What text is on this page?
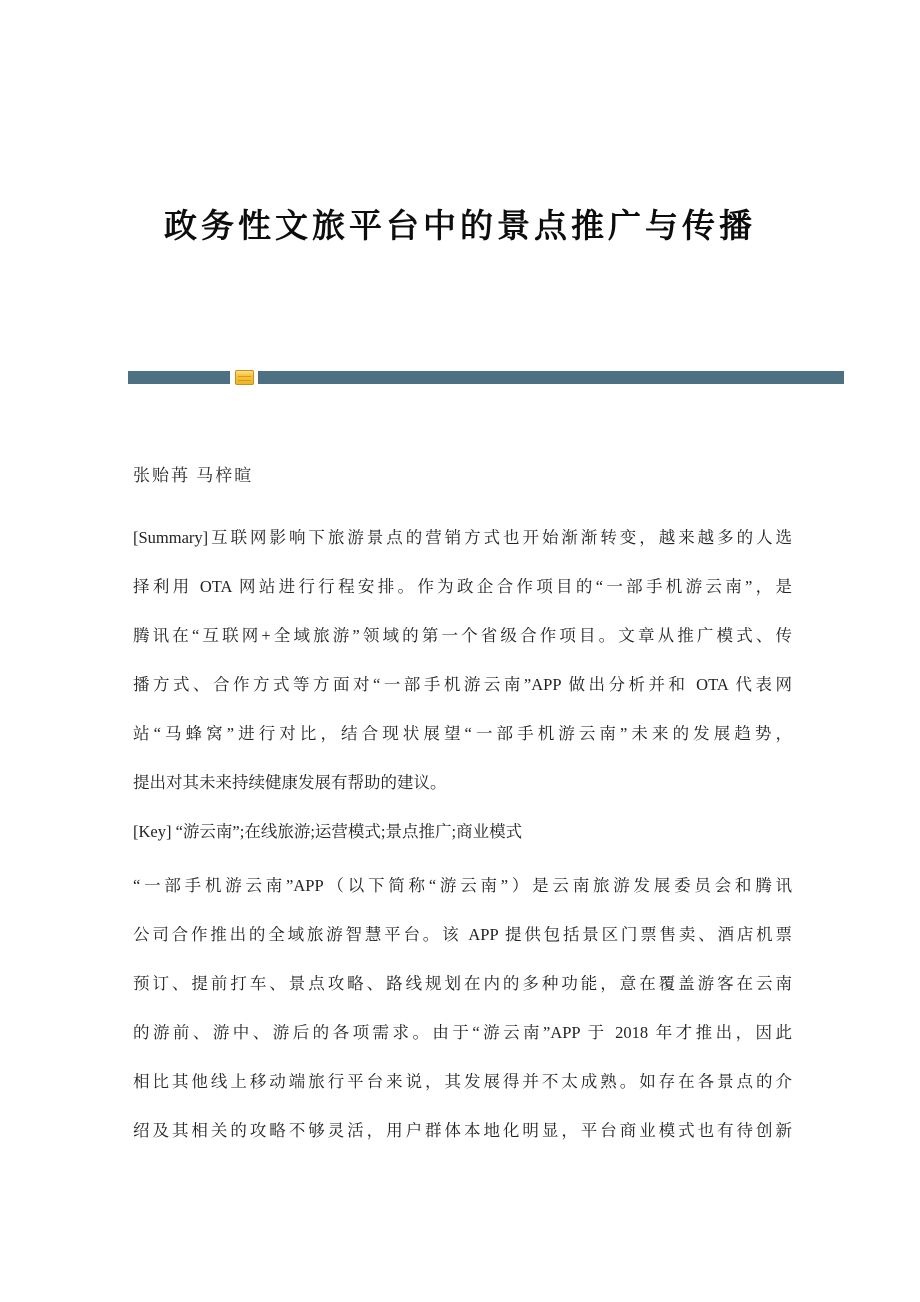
政务性文旅平台中的景点推广与传播
张贻苒 马梓暄
[Summary]互联网影响下旅游景点的营销方式也开始渐渐转变，越来越多的人选
择利用 OTA 网站进行行程安排。作为政企合作项目的“一部手机游云南”，是
腾讯在“互联网+全域旅游”领域的第一个省级合作项目。文章从推广模式、传
播方式、合作方式等方面对“一部手机游云南”APP 做出分析并和 OTA 代表网
站“马蜂窝”进行对比，结合现状展望“一部手机游云南”未来的发展趋势，
提出对其未来持续健康发展有帮助的建议。
[Key] “游云南”;在线旅游;运营模式;景点推广;商业模式
“一部手机游云南”APP（以下简称“游云南”）是云南旅游发展委员会和腾讯
公司合作推出的全域旅游智慧平台。该 APP 提供包括景区门票售卖、酒店机票
预订、提前打车、景点攻略、路线规划在内的多种功能，意在覆盖游客在云南
的游前、游中、游后的各项需求。由于“游云南”APP 于 2018 年才推出，因此
相比其他线上移动端旅行平台来说，其发展得并不太成熟。如存在各景点的介
绍及其相关的攻略不够灵活，用户群体本地化明显，平台商业模式也有待创新
